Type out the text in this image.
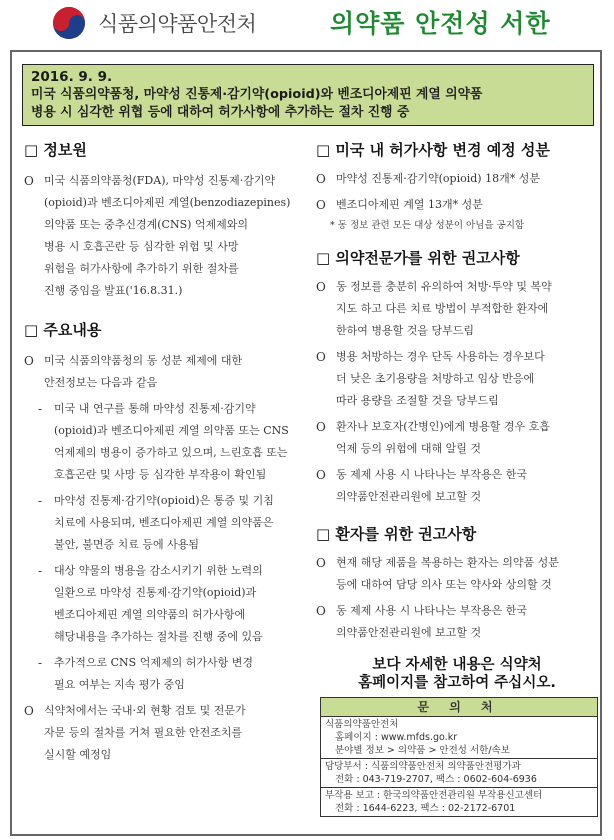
식품의약품안전처	의약품 안전성 서한
2016. 9. 9.
미국 식품의약품청, 마약성 진통제·감기약(opioid)와 벤조디아제핀 계열 의약품
병용 시 심각한 위협 등에 대하여 허가사항에 추가하는 절차 진행 중
□ 정보원
O 미국 식품의약품청(FDA), 마약성 진통제·감기약
(opioid)과 벤조디아제핀 계열(benzodiazepines)
의약품 또는 중추신경계(CNS) 억제제와의
병용 시 호흡곤란 등 심각한 위험 및 사망
위험을 허가사항에 추가하기 위한 절차를
진행 중임을 발표('16.8.31.)
□ 주요내용
O 미국 식품의약품청의 동 성분 제제에 대한
안전정보는 다음과 같음
- 미국 내 연구를 통해 마약성 진통제·감기약
(opioid)과 벤조디아제핀 계열 의약품 또는 CNS
억제제의 병용이 증가하고 있으며, 느린호흡 또는
호흡곤란 및 사망 등 심각한 부작용이 확인됨
- 마약성 진통제·감기약(opioid)은 통증 및 기침
치료에 사용되며, 벤조디아제핀 계열 의약품은
불안, 불면증 치료 등에 사용됨
- 대상 약물의 병용을 감소시키기 위한 노력의
일환으로 마약성 진통제·감기약(opioid)과
벤조디아제핀 계열 의약품의 허가사항에
해당내용을 추가하는 절차를 진행 중에 있음
- 추가적으로 CNS 억제제의 허가사항 변경
필요 여부는 지속 평가 중임
O 식약처에서는 국내·외 현황 검토 및 전문가
자문 등의 절차를 거쳐 필요한 안전조치를
실시할 예정임
□ 미국 내 허가사항 변경 예정 성분
O 마약성 진통제·감기약(opioid) 18개* 성분
O 벤조디아제핀 계열 13개* 성분
* 동 정보 관련 모든 대상 성분이 아님을 공지함
□ 의약전문가를 위한 권고사항
O 동 정보를 충분히 유의하여 처방·투약 및 복약
지도 하고 다른 치료 방법이 부적합한 환자에
한하여 병용할 것을 당부드림
O 병용 처방하는 경우 단독 사용하는 경우보다
더 낮은 초기용량을 처방하고 임상 반응에
따라 용량을 조절할 것을 당부드림
O 환자나 보호자(간병인)에게 병용할 경우 호흡
억제 등의 위험에 대해 알릴 것
O 동 제제 사용 시 나타나는 부작용은 한국
의약품안전관리원에 보고할 것
□ 환자를 위한 권고사항
O 현재 해당 제품을 복용하는 환자는 의약품 성분
등에 대하여 담당 의사 또는 약사와 상의할 것
O 동 제제 사용 시 나타나는 부작용은 한국
의약품안전관리원에 보고할 것
보다 자세한 내용은 식약처
홈페이지를 참고하여 주십시오.
문 의 처
식품의약품안전처
홈페이지 : www.mfds.go.kr
분야별 정보 > 의약품 > 안전성 서한/속보
담당부서 : 식품의약품안전처 의약품안전평가과
전화 : 043-719-2707, 팩스 : 0602-604-6936
부작용 보고 : 한국의약품안전관리원 부작용신고센터
전화 : 1644-6223, 팩스 : 02-2172-6701
